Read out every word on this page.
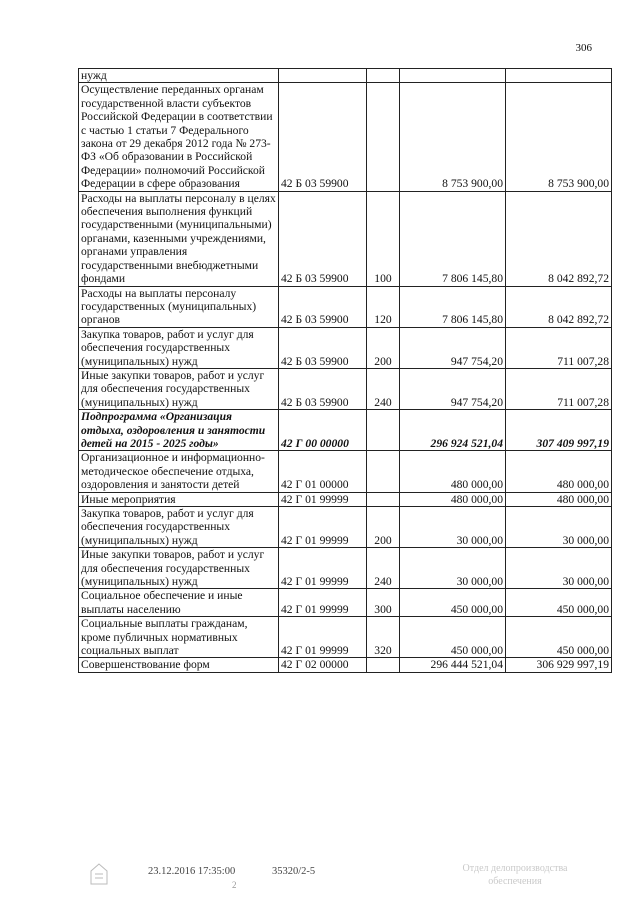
306
нужд				
Осуществление переданных органам государственной власти субъектов Российской Федерации в соответствии с частью 1 статьи 7 Федерального закона от 29 декабря 2012 года № 273-ФЗ «Об образовании в Российской Федерации» полномочий Российской Федерации в сфере образования	42 Б 03 59900		8 753 900,00	8 753 900,00
Расходы на выплаты персоналу в целях обеспечения выполнения функций государственными (муниципальными) органами, казенными учреждениями, органами управления государственными внебюджетными фондами	42 Б 03 59900	100	7 806 145,80	8 042 892,72
Расходы на выплаты персоналу государственных (муниципальных) органов	42 Б 03 59900	120	7 806 145,80	8 042 892,72
Закупка товаров, работ и услуг для обеспечения государственных (муниципальных) нужд	42 Б 03 59900	200	947 754,20	711 007,28
Иные закупки товаров, работ и услуг для обеспечения государственных (муниципальных) нужд	42 Б 03 59900	240	947 754,20	711 007,28
Подпрограмма «Организация отдыха, оздоровления и занятости детей на 2015 - 2025 годы»	42 Г 00 00000		296 924 521,04	307 409 997,19
Организационное и информационно-методическое обеспечение отдыха, оздоровления и занятости детей	42 Г 01 00000		480 000,00	480 000,00
Иные мероприятия	42 Г 01 99999		480 000,00	480 000,00
Закупка товаров, работ и услуг для обеспечения государственных (муниципальных) нужд	42 Г 01 99999	200	30 000,00	30 000,00
Иные закупки товаров, работ и услуг для обеспечения государственных (муниципальных) нужд	42 Г 01 99999	240	30 000,00	30 000,00
Социальное обеспечение и иные выплаты населению	42 Г 01 99999	300	450 000,00	450 000,00
Социальные выплаты гражданам, кроме публичных нормативных социальных выплат	42 Г 01 99999	320	450 000,00	450 000,00
Совершенствование форм	42 Г 02 00000		296 444 521,04	306 929 997,19
23.12.2016 17:35:00	35320/2-5
2
Отдел делопроизводства
обеспечения
